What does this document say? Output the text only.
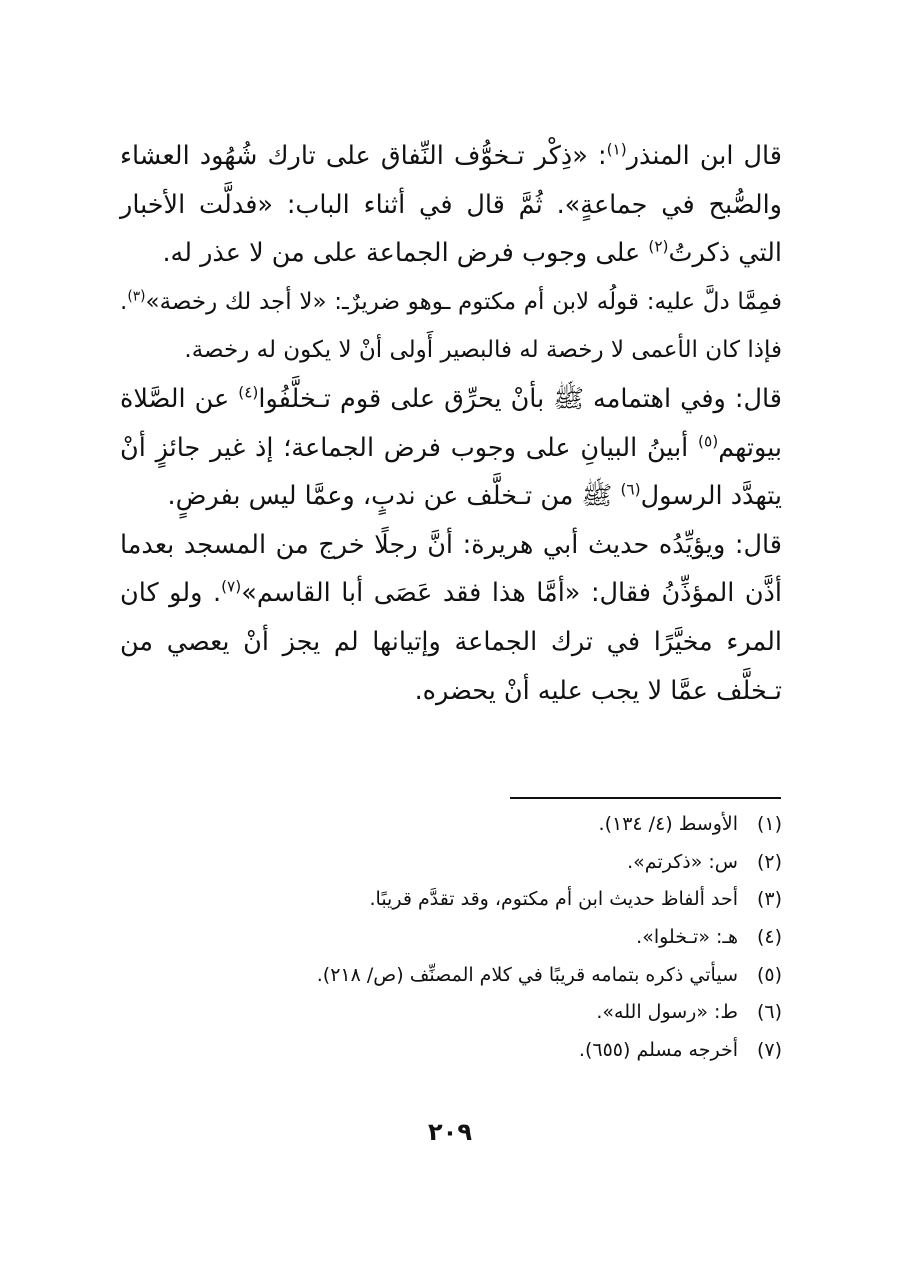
قال ابن المنذر$^{(١)}$: «ذِكْر تـخوُّف النِّفاق على تارك شُهُود العشاء والصُّبح في جماعةٍ». ثُمَّ قال في أثناء الباب: «فدلَّت الأخبار التي ذكرتُ$^{(٢)}$ على وجوب فرض الجماعة على من لا عذر له.

فمِمَّا دلَّ عليه: قولُه لابن أم مكتوم ـوهو ضريرٌـ: «لا أجد لك رخصة»$^{(٣)}$. فإذا كان الأعمى لا رخصة له فالبصير أَولى أنْ لا يكون له رخصة.

قال: وفي اهتمامه ﷺ بأنْ يحرِّق على قوم تـخلَّفُوا$^{(٤)}$ عن الصَّلاة بيوتهم$^{(٥)}$ أبينُ البيانِ على وجوب فرض الجماعة؛ إذ غير جائزٍ أنْ يتهدَّد الرسول$^{(٦)}$ ﷺ من تـخلَّف عن ندبٍ، وعمَّا ليس بفرضٍ.

قال: ويؤيِّدُه حديث أبي هريرة: أنَّ رجلًا خرج من المسجد بعدما أذَّن المؤذِّنُ فقال: «أمَّا هذا فقد عَصَى أبا القاسم»$^{(٧)}$. ولو كان المرء مخيَّرًا في ترك الجماعة وإتيانها لم يجز أنْ يعصي من تـخلَّف عمَّا لا يجب عليه أنْ يحضره.

(١)
الأوسط (٤/ ١٣٤).
(٢)
س: «ذكرتم».
(٣)
أحد ألفاظ حديث ابن أم مكتوم، وقد تقدَّم قريبًا.
(٤)
هـ: «تـخلوا».
(٥)
سيأتي ذكره بتمامه قريبًا في كلام المصنِّف (ص/ ٢١٨).
(٦)
ط: «رسول الله».
(٧)
أخرجه مسلم (٦٥٥).
٢٠٩
